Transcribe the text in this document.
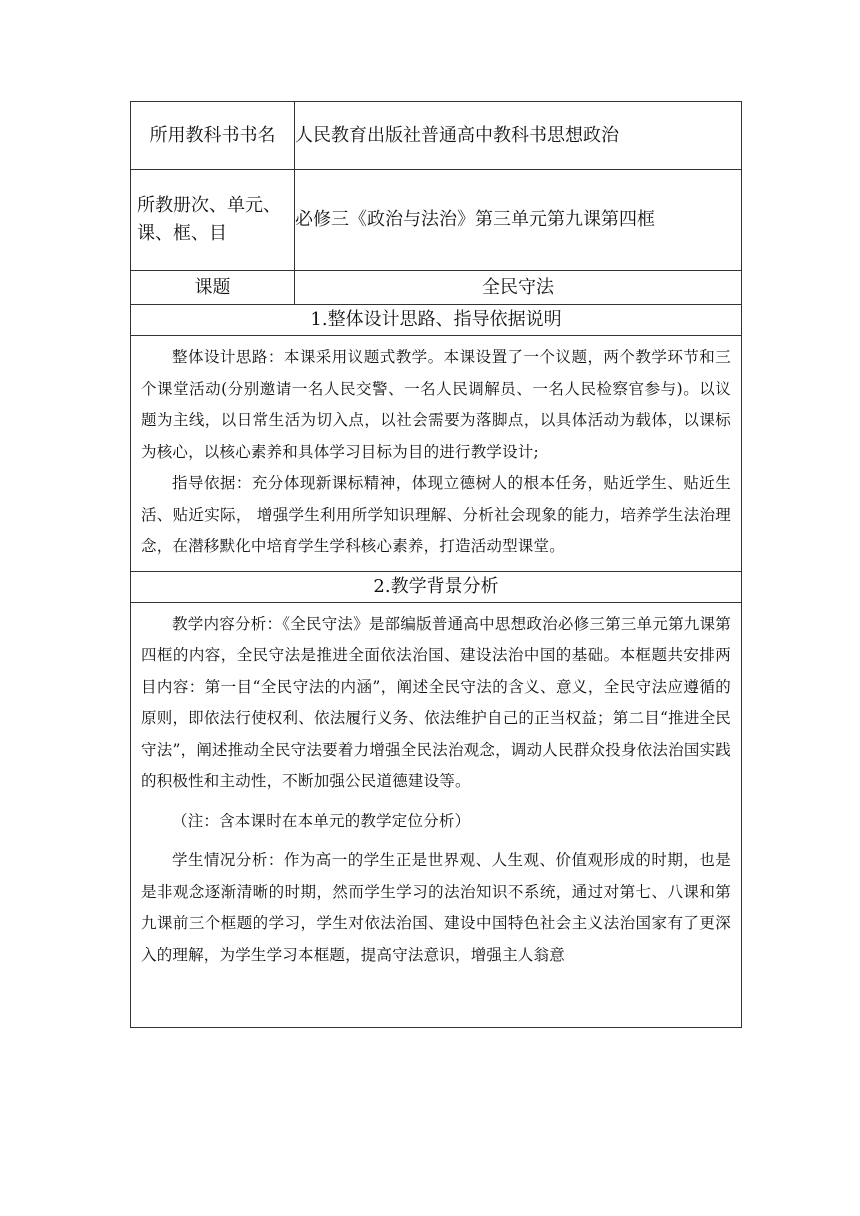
所用教科书书名	人民教育出版社普通高中教科书思想政治
所教册次、单元、课、框、目	必修三《政治与法治》第三单元第九课第四框
课题	全民守法
1.整体设计思路、指导依据说明	

整体设计思路：本课采用议题式教学。本课设置了一个议题，两个教学环节和三个课堂活动(分别邀请一名人民交警、一名人民调解员、一名人民检察官参与)。以议题为主线，以日常生活为切入点，以社会需要为落脚点，以具体活动为载体，以课标为核心，以核心素养和具体学习目标为目的进行教学设计;

指导依据：充分体现新课标精神，体现立德树人的根本任务，贴近学生、贴近生活、贴近实际， 增强学生利用所学知识理解、分析社会现象的能力，培养学生法治理念，在潜移默化中培育学生学科核心素养，打造活动型课堂。	

2.教学背景分析	

教学内容分析：《全民守法》是部编版普通高中思想政治必修三第三单元第九课第四框的内容，全民守法是推进全面依法治国、建设法治中国的基础。本框题共安排两目内容：第一目“全民守法的内涵”，阐述全民守法的含义、意义，全民守法应遵循的原则，即依法行使权利、依法履行义务、依法维护自己的正当权益；第二目“推进全民守法”，阐述推动全民守法要着力增强全民法治观念，调动人民群众投身依法治国实践的积极性和主动性，不断加强公民道德建设等。

（注：含本课时在本单元的教学定位分析）

学生情况分析：作为高一的学生正是世界观、人生观、价值观形成的时期，也是是非观念逐渐清晰的时期，然而学生学习的法治知识不系统，通过对第七、八课和第九课前三个框题的学习，学生对依法治国、建设中国特色社会主义法治国家有了更深入的理解，为学生学习本框题，提高守法意识，增强主人翁意	
